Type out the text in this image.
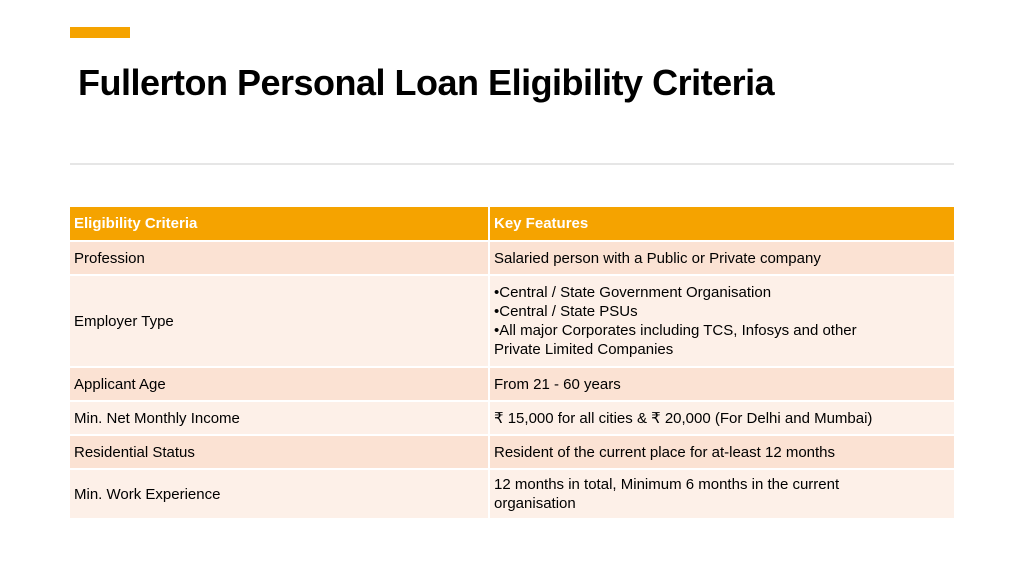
Fullerton Personal Loan Eligibility Criteria
Eligibility Criteria	Key Features
Profession	Salaried person with a Public or Private company

Employer Type	•Central / State Government Organisation
•Central / State PSUs
•All major Corporates including TCS, Infosys and other
Private Limited Companies

Applicant Age	From 21 - 60 years

Min. Net Monthly Income	₹ 15,000 for all cities & ₹ 20,000 (For Delhi and Mumbai)

Residential Status	Resident of the current place for at-least 12 months

Min. Work Experience	12 months in total, Minimum 6 months in the current
organisation
